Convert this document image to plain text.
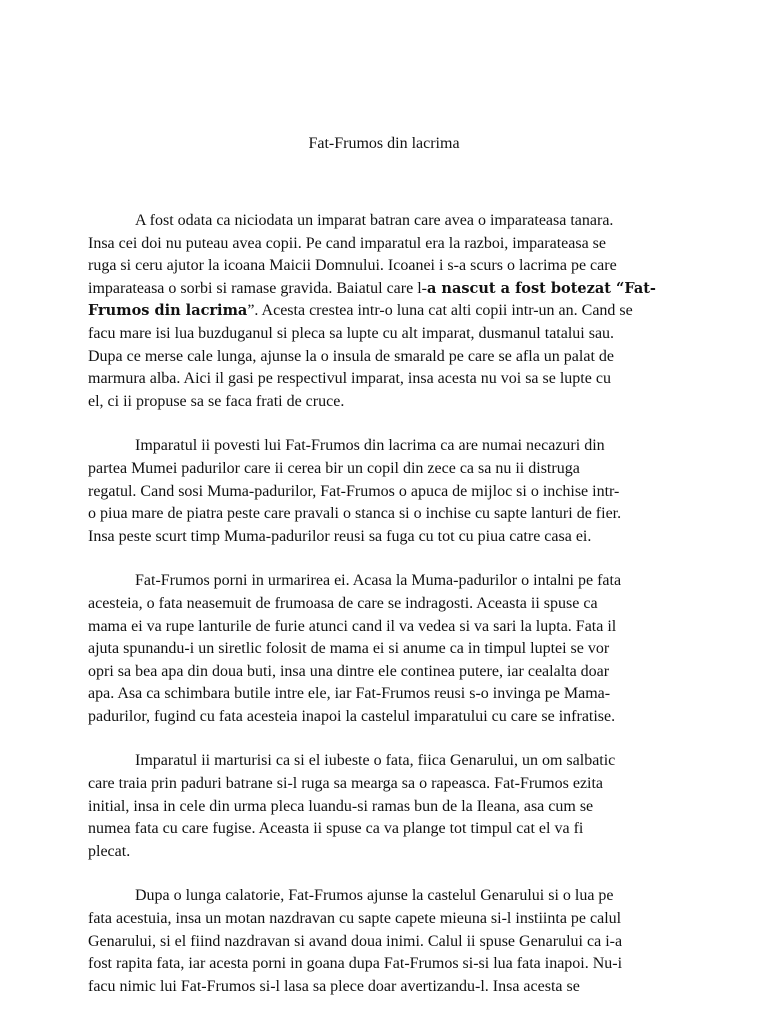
Fat-Frumos din lacrima

A fost odata ca niciodata un imparat batran care avea o imparateasa tanara.
Insa cei doi nu puteau avea copii. Pe cand imparatul era la razboi, imparateasa se
ruga si ceru ajutor la icoana Maicii Domnului. Icoanei i s-a scurs o lacrima pe care
imparateasa o sorbi si ramase gravida. Baiatul care l-a nascut a fost botezat “Fat-
Frumos din lacrima”. Acesta crestea intr-o luna cat alti copii intr-un an. Cand se
facu mare isi lua buzduganul si pleca sa lupte cu alt imparat, dusmanul tatalui sau.
Dupa ce merse cale lunga, ajunse la o insula de smarald pe care se afla un palat de
marmura alba. Aici il gasi pe respectivul imparat, insa acesta nu voi sa se lupte cu
el, ci ii propuse sa se faca frati de cruce.

Imparatul ii povesti lui Fat-Frumos din lacrima ca are numai necazuri din
partea Mumei padurilor care ii cerea bir un copil din zece ca sa nu ii distruga
regatul. Cand sosi Muma-padurilor, Fat-Frumos o apuca de mijloc si o inchise intr-
o piua mare de piatra peste care pravali o stanca si o inchise cu sapte lanturi de fier.
Insa peste scurt timp Muma-padurilor reusi sa fuga cu tot cu piua catre casa ei.

Fat-Frumos porni in urmarirea ei. Acasa la Muma-padurilor o intalni pe fata
acesteia, o fata neasemuit de frumoasa de care se indragosti. Aceasta ii spuse ca
mama ei va rupe lanturile de furie atunci cand il va vedea si va sari la lupta. Fata il
ajuta spunandu-i un siretlic folosit de mama ei si anume ca in timpul luptei se vor
opri sa bea apa din doua buti, insa una dintre ele continea putere, iar cealalta doar
apa. Asa ca schimbara butile intre ele, iar Fat-Frumos reusi s-o invinga pe Mama-
padurilor, fugind cu fata acesteia inapoi la castelul imparatului cu care se infratise.

Imparatul ii marturisi ca si el iubeste o fata, fiica Genarului, un om salbatic
care traia prin paduri batrane si-l ruga sa mearga sa o rapeasca. Fat-Frumos ezita
initial, insa in cele din urma pleca luandu-si ramas bun de la Ileana, asa cum se
numea fata cu care fugise. Aceasta ii spuse ca va plange tot timpul cat el va fi
plecat.

Dupa o lunga calatorie, Fat-Frumos ajunse la castelul Genarului si o lua pe
fata acestuia, insa un motan nazdravan cu sapte capete mieuna si-l instiinta pe calul
Genarului, si el fiind nazdravan si avand doua inimi. Calul ii spuse Genarului ca i-a
fost rapita fata, iar acesta porni in goana dupa Fat-Frumos si-si lua fata inapoi. Nu-i
facu nimic lui Fat-Frumos si-l lasa sa plece doar avertizandu-l. Insa acesta se
